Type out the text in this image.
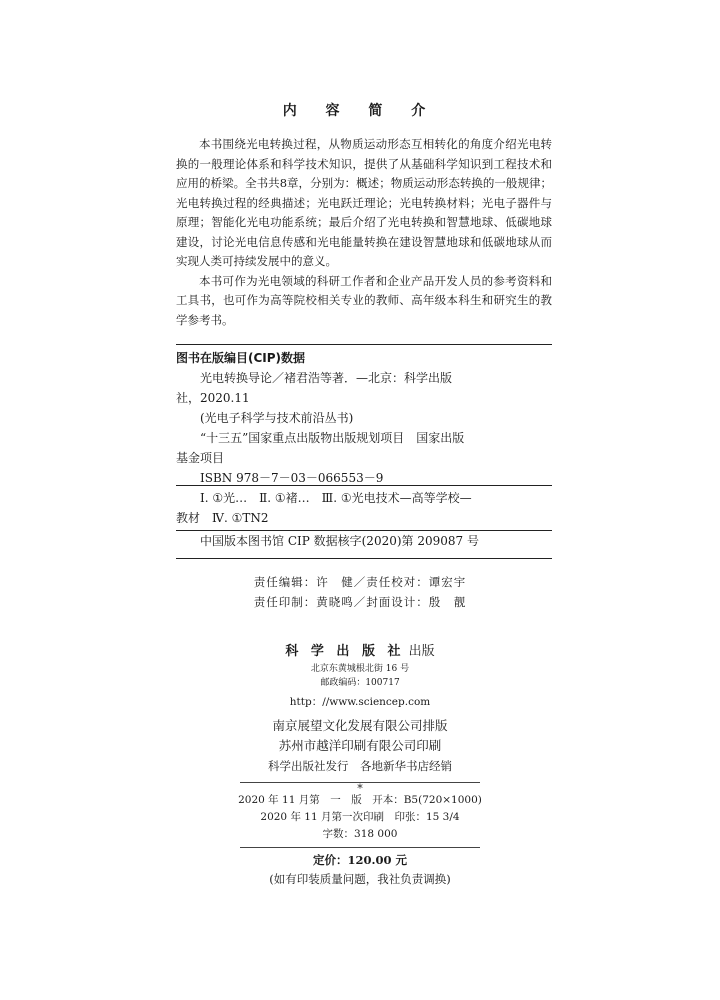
内 容 简 介

本书围绕光电转换过程，从物质运动形态互相转化的角度介绍光电转换的一般理论体系和科学技术知识，提供了从基础科学知识到工程技术和应用的桥梁。全书共8章，分别为：概述；物质运动形态转换的一般规律；光电转换过程的经典描述；光电跃迁理论；光电转换材料；光电子器件与原理；智能化光电功能系统；最后介绍了光电转换和智慧地球、低碳地球建设，讨论光电信息传感和光电能量转换在建设智慧地球和低碳地球从而实现人类可持续发展中的意义。

本书可作为光电领域的科研工作者和企业产品开发人员的参考资料和工具书，也可作为高等院校相关专业的教师、高年级本科生和研究生的教学参考书。

图书在版编目(CIP)数据
光电转换导论／褚君浩等著．—北京：科学出版
社，2020.11
(光电子科学与技术前沿丛书)
“十三五”国家重点出版物出版规划项目　国家出版
基金项目
ISBN 978－7－03－066553－9
Ⅰ. ①光…　Ⅱ. ①褚…　Ⅲ. ①光电技术—高等学校—
教材　Ⅳ. ①TN2
中国版本图书馆 CIP 数据核字(2020)第 209087 号
责任编辑：许　健／责任校对：谭宏宇
责任印制：黄晓鸣／封面设计：殷　靓
科 学 出 版 社 出版
北京东黄城根北街 16 号
邮政编码：100717
http：//www.sciencep.com
南京展望文化发展有限公司排版
苏州市越洋印刷有限公司印刷
科学出版社发行　各地新华书店经销
*
2020 年 11 月第　一　版　开本：B5(720×1000)
2020 年 11 月第一次印刷　印张：15 3/4
字数：318 000
定价：120.00 元
(如有印装质量问题，我社负责调换)
